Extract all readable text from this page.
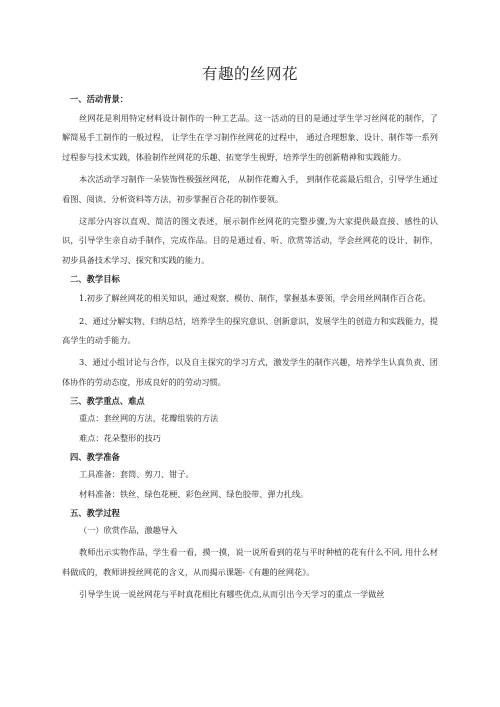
有趣的丝网花
一、活动背景：

丝网花是利用特定材料设计制作的一种工艺品。这一活动的目的是通过学生学习丝网花的制作，了解简易手工制作的一般过程， 让学生在学习制作丝网花的过程中， 通过合理想象、设计、制作等一系列过程参与技术实践，体验制作丝网花的乐趣、拓宽学生视野，培养学生的创新精神和实践能力。

本次活动学习制作一朵装饰性极强丝网花， 从制作花瓣入手， 到制作花蕊最后组合，引导学生通过看图、阅读、分析资料等方法，初步掌握百合花的制作要领。

这部分内容以直观、简洁的图文表述，展示制作丝网花的完整步骤,为大家提供最直接、感性的认识，引导学生亲自动手制作，完成作品。目的是通过看、听、欣赏等活动，学会丝网花的设计、制作，初步具备技术学习、探究和实践的能力。

二、教学目标

1.初步了解丝网花的相关知识，通过观察、模仿、制作，掌握基本要领，学会用丝网制作百合花。

2、通过分解实物、归纳总结，培养学生的探究意识、创新意识，发展学生的创造力和实践能力，提高学生的动手能力。

3、通过小组讨论与合作，以及自主探究的学习方式，激发学生的制作兴趣，培养学生认真负责、团体协作的劳动态度，形成良好的的劳动习惯。

三、教学重点、难点

重点：套丝网的方法，花瓣组装的方法

难点：花朵整形的技巧

四、教学准备

工具准备：套筒、剪刀、钳子。

材料准备：铁丝、绿色花梗、彩色丝网、绿色胶带、弹力扎线。

五、教学过程

（一）欣赏作品，激趣导入

教师出示实物作品，学生看一看，摸一摸，说一说所看到的花与平时种植的花有什么不同, 用什么材料做成的，教师讲授丝网花的含义，从而揭示课题-《有趣的丝网花》。

引导学生说一说丝网花与平时真花相比有哪些优点,从而引出今天学习的重点一学做丝
